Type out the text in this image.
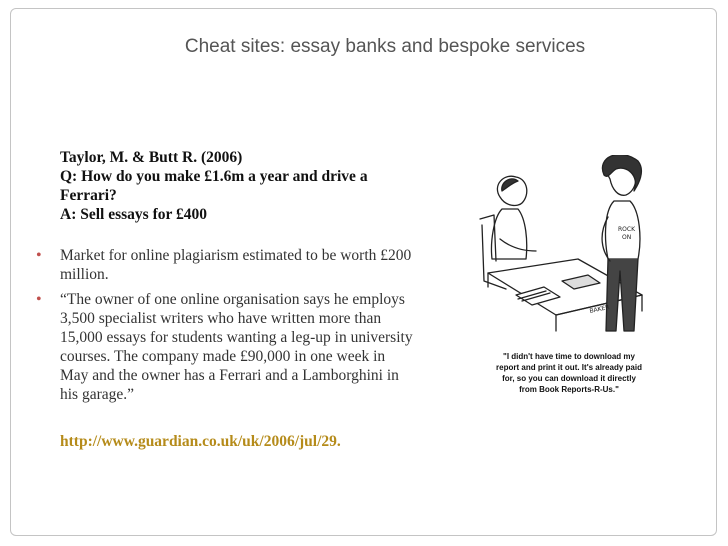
Cheat sites: essay banks and bespoke services
Taylor, M. & Butt R. (2006)
Q: How do you make £1.6m a year and drive a Ferrari?
A: Sell essays for £400
• Market for online plagiarism estimated to be worth £200 million.
• “The owner of one online organisation says he employs 3,500 specialist writers who have written more than 15,000 essays for students wanting a leg-up in university courses. The company made £90,000 in one week in May and the owner has a Ferrari and a Lamborghini in his garage.”
http://www.guardian.co.uk/uk/2006/jul/29.
ROCK
ON
BAKER
"I didn't have time to download my report and print it out. It's already paid for, so you can download it directly from Book Reports-R-Us."
